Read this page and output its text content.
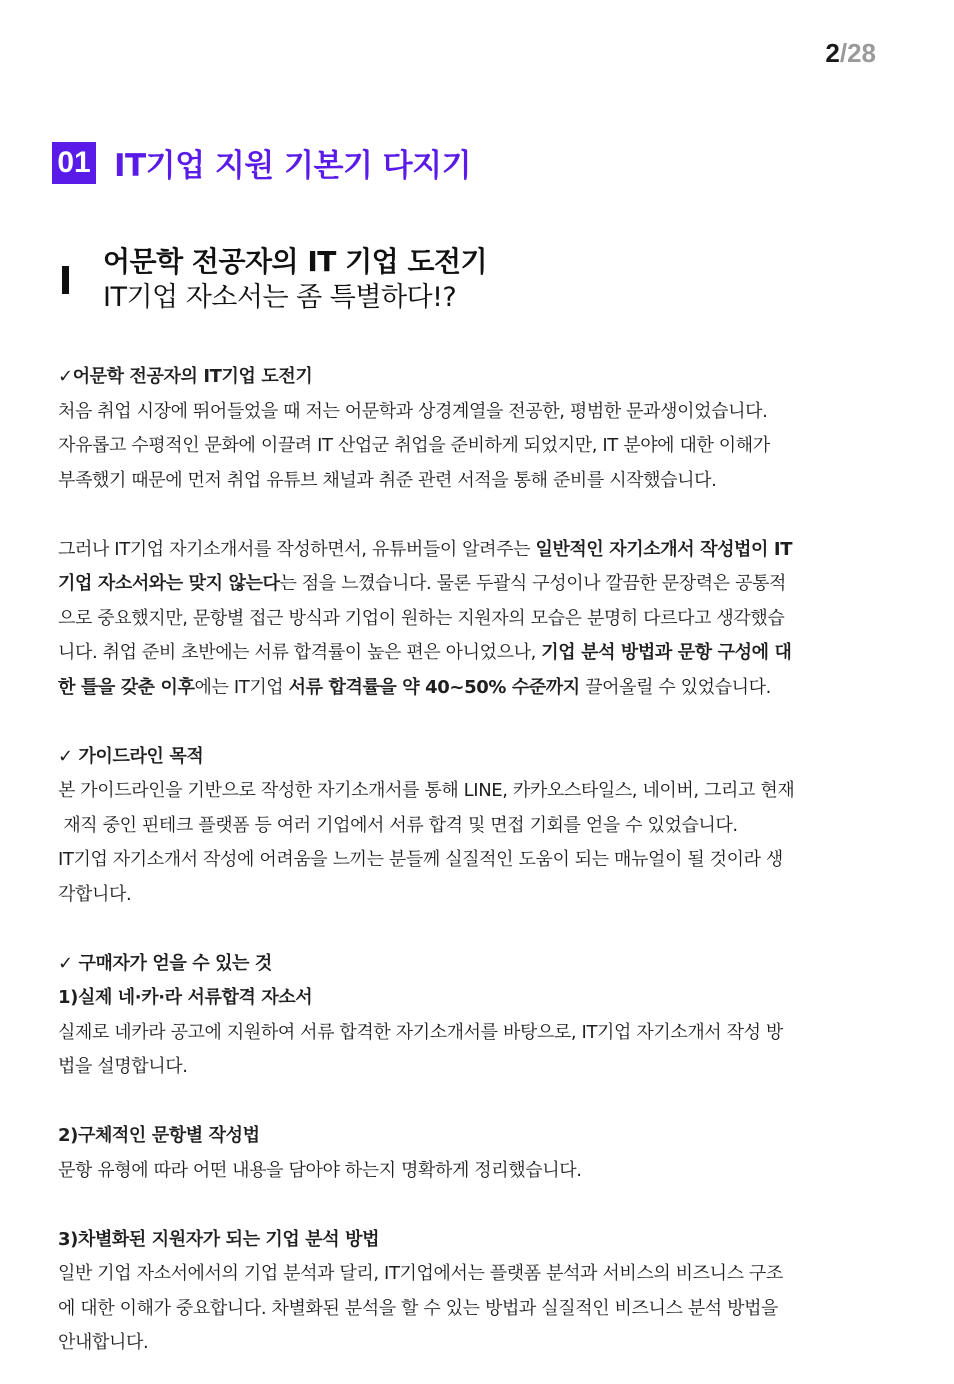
2/28
01 IT기업 지원 기본기 다지기
어문학 전공자의 IT 기업 도전기
IT기업 자소서는 좀 특별하다!?
✓어문학 전공자의 IT기업 도전기

처음 취업 시장에 뛰어들었을 때 저는 어문학과 상경계열을 전공한, 평범한 문과생이었습니다.

자유롭고 수평적인 문화에 이끌려 IT 산업군 취업을 준비하게 되었지만, IT 분야에 대한 이해가

부족했기 때문에 먼저 취업 유튜브 채널과 취준 관련 서적을 통해 준비를 시작했습니다.

그러나 IT기업 자기소개서를 작성하면서, 유튜버들이 알려주는 일반적인 자기소개서 작성법이 IT

기업 자소서와는 맞지 않는다는 점을 느꼈습니다. 물론 두괄식 구성이나 깔끔한 문장력은 공통적

으로 중요했지만, 문항별 접근 방식과 기업이 원하는 지원자의 모습은 분명히 다르다고 생각했습

니다. 취업 준비 초반에는 서류 합격률이 높은 편은 아니었으나, 기업 분석 방법과 문항 구성에 대

한 틀을 갖춘 이후에는 IT기업 서류 합격률을 약 40~50% 수준까지 끌어올릴 수 있었습니다.

✓ 가이드라인 목적

본 가이드라인을 기반으로 작성한 자기소개서를 통해 LINE, 카카오스타일스, 네이버, 그리고 현재

재직 중인 핀테크 플랫폼 등 여러 기업에서 서류 합격 및 면접 기회를 얻을 수 있었습니다.

IT기업 자기소개서 작성에 어려움을 느끼는 분들께 실질적인 도움이 되는 매뉴얼이 될 것이라 생

각합니다.

✓ 구매자가 얻을 수 있는 것
1)실제 네·카·라 서류합격 자소서

실제로 네카라 공고에 지원하여 서류 합격한 자기소개서를 바탕으로, IT기업 자기소개서 작성 방

법을 설명합니다.

2)구체적인 문항별 작성법

문항 유형에 따라 어떤 내용을 담아야 하는지 명확하게 정리했습니다.

3)차별화된 지원자가 되는 기업 분석 방법

일반 기업 자소서에서의 기업 분석과 달리, IT기업에서는 플랫폼 분석과 서비스의 비즈니스 구조

에 대한 이해가 중요합니다. 차별화된 분석을 할 수 있는 방법과 실질적인 비즈니스 분석 방법을

안내합니다.
